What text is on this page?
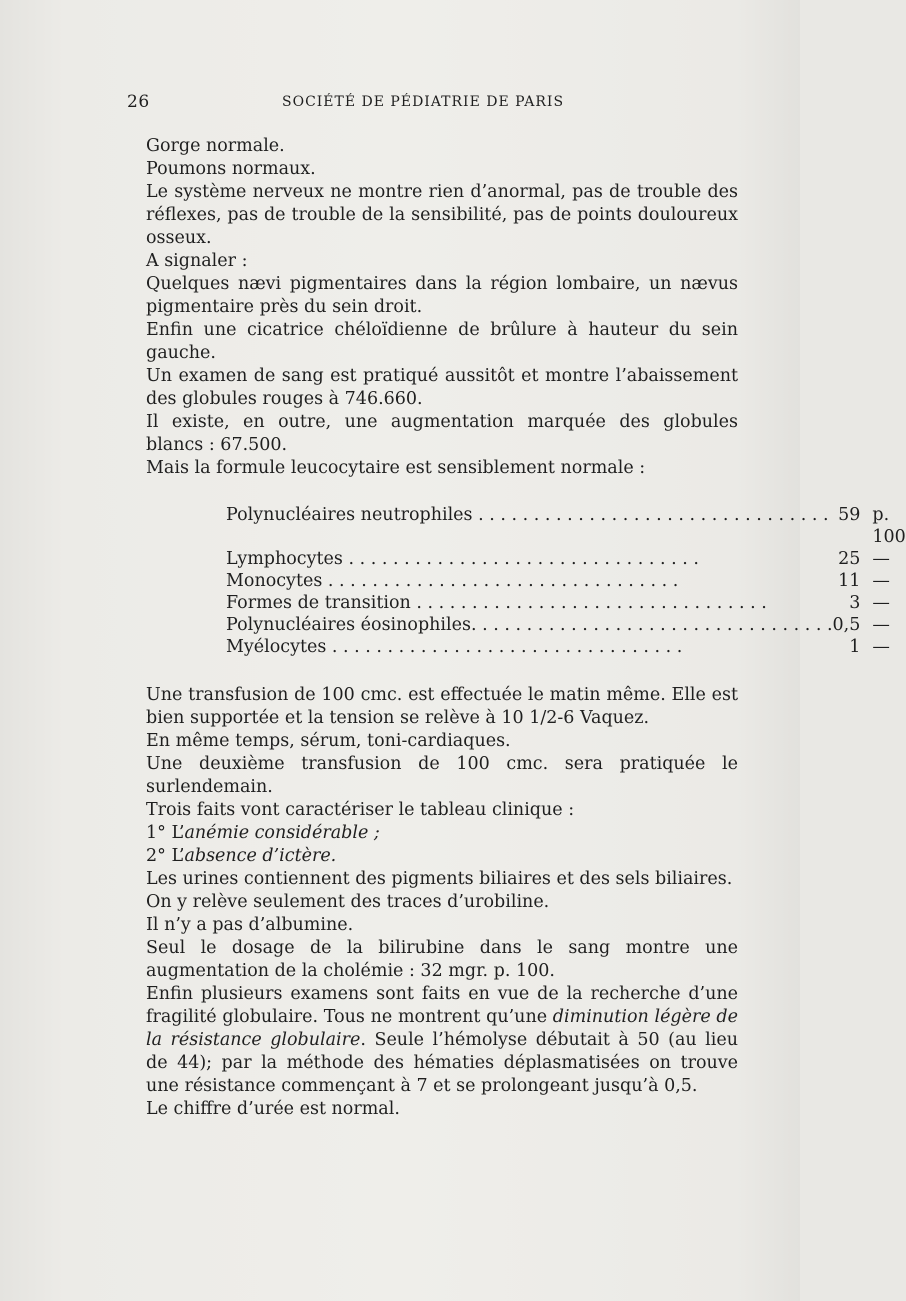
26	SOCIÉTÉ DE PÉDIATRIE DE PARIS

Gorge normale.

Poumons normaux.

Le système nerveux ne montre rien d’anormal, pas de trouble des réflexes, pas de trouble de la sensibilité, pas de points douloureux osseux.

A signaler :

Quelques nævi pigmentaires dans la région lombaire, un nævus pigmentaire près du sein droit.

Enfin une cicatrice chéloïdienne de brûlure à hauteur du sein gauche.

Un examen de sang est pratiqué aussitôt et montre l’abaissement des globules rouges à 746.660.

Il existe, en outre, une augmentation marquée des globules blancs : 67.500.

Mais la formule leucocytaire est sensiblement normale :

Polynucléaires neutrophiles . . .	59	p. 100
Lymphocytes . . .	25	—
Monocytes . . .	11	—
Formes de transition . . .	3	—
Polynucléaires éosinophiles. . . .	0,5	—
Myélocytes . . .	1	—

Une transfusion de 100 cmc. est effectuée le matin même. Elle est bien supportée et la tension se relève à 10 1/2-6 Vaquez.

En même temps, sérum, toni-cardiaques.

Une deuxième transfusion de 100 cmc. sera pratiquée le surlendemain.

Trois faits vont caractériser le tableau clinique :

1° L’anémie considérable ;

2° L’absence d’ictère.

Les urines contiennent des pigments biliaires et des sels biliaires.

On y relève seulement des traces d’urobiline.

Il n’y a pas d’albumine.

Seul le dosage de la bilirubine dans le sang montre une augmentation de la cholémie : 32 mgr. p. 100.

Enfin plusieurs examens sont faits en vue de la recherche d’une fragilité globulaire. Tous ne montrent qu’une diminution légère de la résistance globulaire. Seule l’hémolyse débutait à 50 (au lieu de 44); par la méthode des hématies déplasmatisées on trouve une résistance commençant à 7 et se prolongeant jusqu’à 0,5.

Le chiffre d’urée est normal.
